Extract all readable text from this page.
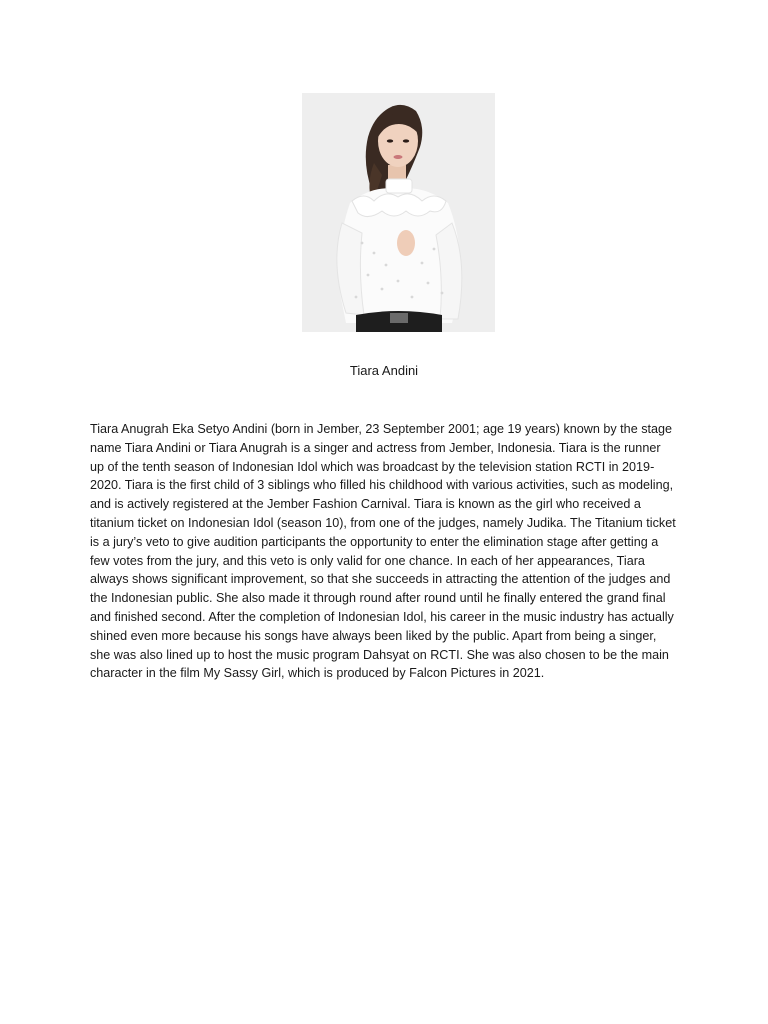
Tiara Andini

Tiara Anugrah Eka Setyo Andini (born in Jember, 23 September 2001; age 19 years) known by the stage name Tiara Andini or Tiara Anugrah is a singer and actress from Jember, Indonesia. Tiara is the runner up of the tenth season of Indonesian Idol which was broadcast by the television station RCTI in 2019-2020. Tiara is the first child of 3 siblings who filled his childhood with various activities, such as modeling, and is actively registered at the Jember Fashion Carnival. Tiara is known as the girl who received a titanium ticket on Indonesian Idol (season 10), from one of the judges, namely Judika. The Titanium ticket is a jury’s veto to give audition participants the opportunity to enter the elimination stage after getting a few votes from the jury, and this veto is only valid for one chance. In each of her appearances, Tiara always shows significant improvement, so that she succeeds in attracting the attention of the judges and the Indonesian public. She also made it through round after round until he finally entered the grand final and finished second. After the completion of Indonesian Idol, his career in the music industry has actually shined even more because his songs have always been liked by the public. Apart from being a singer, she was also lined up to host the music program Dahsyat on RCTI. She was also chosen to be the main character in the film My Sassy Girl, which is produced by Falcon Pictures in 2021.
